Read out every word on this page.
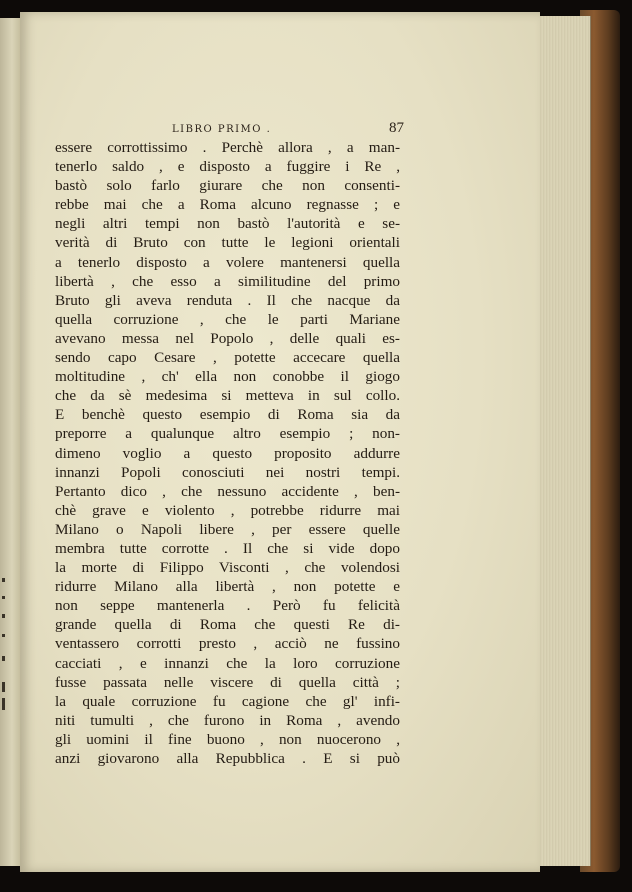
LIBRO PRIMO .	87
essere corrottissimo . Perchè allora , a man-
tenerlo saldo , e disposto a fuggire i Re ,
bastò solo farlo giurare che non consenti-
rebbe mai che a Roma alcuno regnasse ; e
negli altri tempi non bastò l'autorità e se-
verità di Bruto con tutte le legioni orientali
a tenerlo disposto a volere mantenersi quella
libertà , che esso a similitudine del primo
Bruto gli aveva renduta . Il che nacque da
quella corruzione , che le parti Mariane
avevano messa nel Popolo , delle quali es-
sendo capo Cesare , potette accecare quella
moltitudine , ch' ella non conobbe il giogo
che da sè medesima si metteva in sul collo.
E benchè questo esempio di Roma sia da
preporre a qualunque altro esempio ; non-
dimeno voglio a questo proposito addurre
innanzi Popoli conosciuti nei nostri tempi.
Pertanto dico , che nessuno accidente , ben-
chè grave e violento , potrebbe ridurre mai
Milano o Napoli libere , per essere quelle
membra tutte corrotte . Il che si vide dopo
la morte di Filippo Visconti , che volendosi
ridurre Milano alla libertà , non potette e
non seppe mantenerla . Però fu felicità
grande quella di Roma che questi Re di-
ventassero corrotti presto , acciò ne fussino
cacciati , e innanzi che la loro corruzione
fusse passata nelle viscere di quella città ;
la quale corruzione fu cagione che gl' infi-
niti tumulti , che furono in Roma , avendo
gli uomini il fine buono , non nuocerono ,
anzi giovarono alla Repubblica . E si può
